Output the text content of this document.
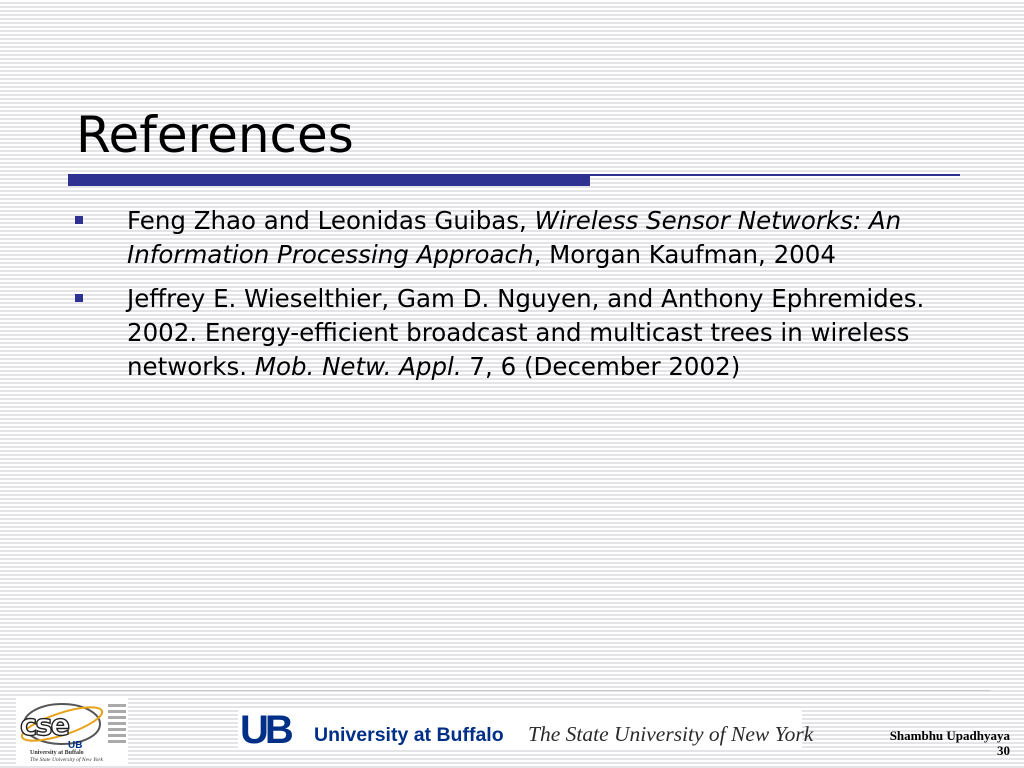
References
Feng Zhao and Leonidas Guibas, Wireless Sensor Networks: An Information Processing Approach, Morgan Kaufman, 2004
Jeffrey E. Wieselthier, Gam D. Nguyen, and Anthony Ephremides. 2002. Energy-efficient broadcast and multicast trees in wireless networks. Mob. Netw. Appl. 7, 6 (December 2002)
UB
cse
University at Buffalo
The State University of New York
UB University at Buffalo The State University of New York	Shambhu Upadhyaya
30
